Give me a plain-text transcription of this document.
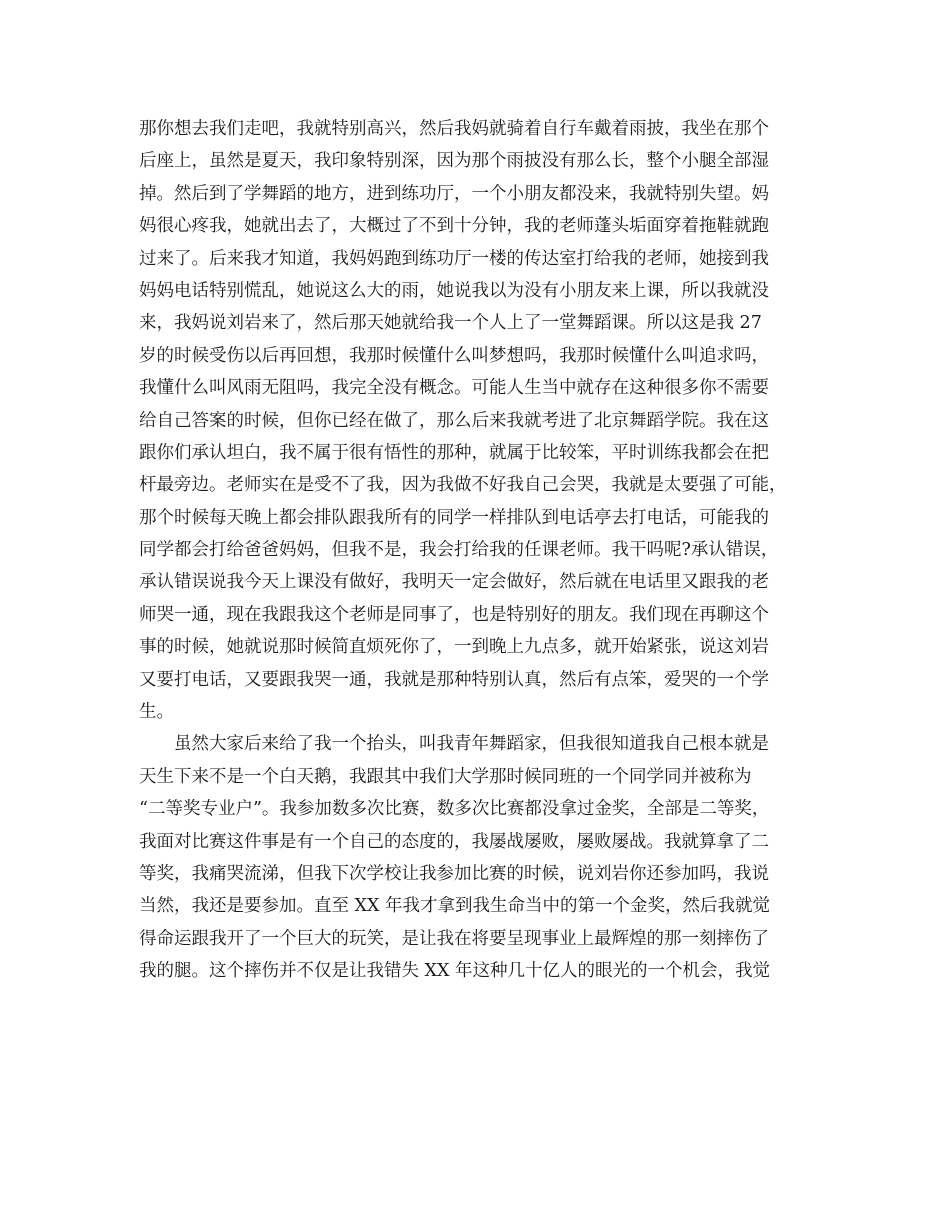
那你想去我们走吧，我就特别高兴，然后我妈就骑着自行车戴着雨披，我坐在那个
后座上，虽然是夏天，我印象特别深，因为那个雨披没有那么长，整个小腿全部湿
掉。然后到了学舞蹈的地方，进到练功厅，一个小朋友都没来，我就特别失望。妈
妈很心疼我，她就出去了，大概过了不到十分钟，我的老师蓬头垢面穿着拖鞋就跑
过来了。后来我才知道，我妈妈跑到练功厅一楼的传达室打给我的老师，她接到我
妈妈电话特别慌乱，她说这么大的雨，她说我以为没有小朋友来上课，所以我就没
来，我妈说刘岩来了，然后那天她就给我一个人上了一堂舞蹈课。所以这是我 27
岁的时候受伤以后再回想，我那时候懂什么叫梦想吗，我那时候懂什么叫追求吗，
我懂什么叫风雨无阻吗，我完全没有概念。可能人生当中就存在这种很多你不需要
给自己答案的时候，但你已经在做了，那么后来我就考进了北京舞蹈学院。我在这
跟你们承认坦白，我不属于很有悟性的那种，就属于比较笨，平时训练我都会在把
杆最旁边。老师实在是受不了我，因为我做不好我自己会哭，我就是太要强了可能，
那个时候每天晚上都会排队跟我所有的同学一样排队到电话亭去打电话，可能我的
同学都会打给爸爸妈妈，但我不是，我会打给我的任课老师。我干吗呢?承认错误，
承认错误说我今天上课没有做好，我明天一定会做好，然后就在电话里又跟我的老
师哭一通，现在我跟我这个老师是同事了，也是特别好的朋友。我们现在再聊这个
事的时候，她就说那时候简直烦死你了，一到晚上九点多，就开始紧张，说这刘岩
又要打电话，又要跟我哭一通，我就是那种特别认真，然后有点笨，爱哭的一个学
生。
虽然大家后来给了我一个抬头，叫我青年舞蹈家，但我很知道我自己根本就是
天生下来不是一个白天鹅，我跟其中我们大学那时候同班的一个同学同并被称为
“二等奖专业户”。我参加数多次比赛，数多次比赛都没拿过金奖，全部是二等奖，
我面对比赛这件事是有一个自己的态度的，我屡战屡败，屡败屡战。我就算拿了二
等奖，我痛哭流涕，但我下次学校让我参加比赛的时候，说刘岩你还参加吗，我说
当然，我还是要参加。直至 XX 年我才拿到我生命当中的第一个金奖，然后我就觉
得命运跟我开了一个巨大的玩笑，是让我在将要呈现事业上最辉煌的那一刻摔伤了
我的腿。这个摔伤并不仅是让我错失 XX 年这种几十亿人的眼光的一个机会，我觉
